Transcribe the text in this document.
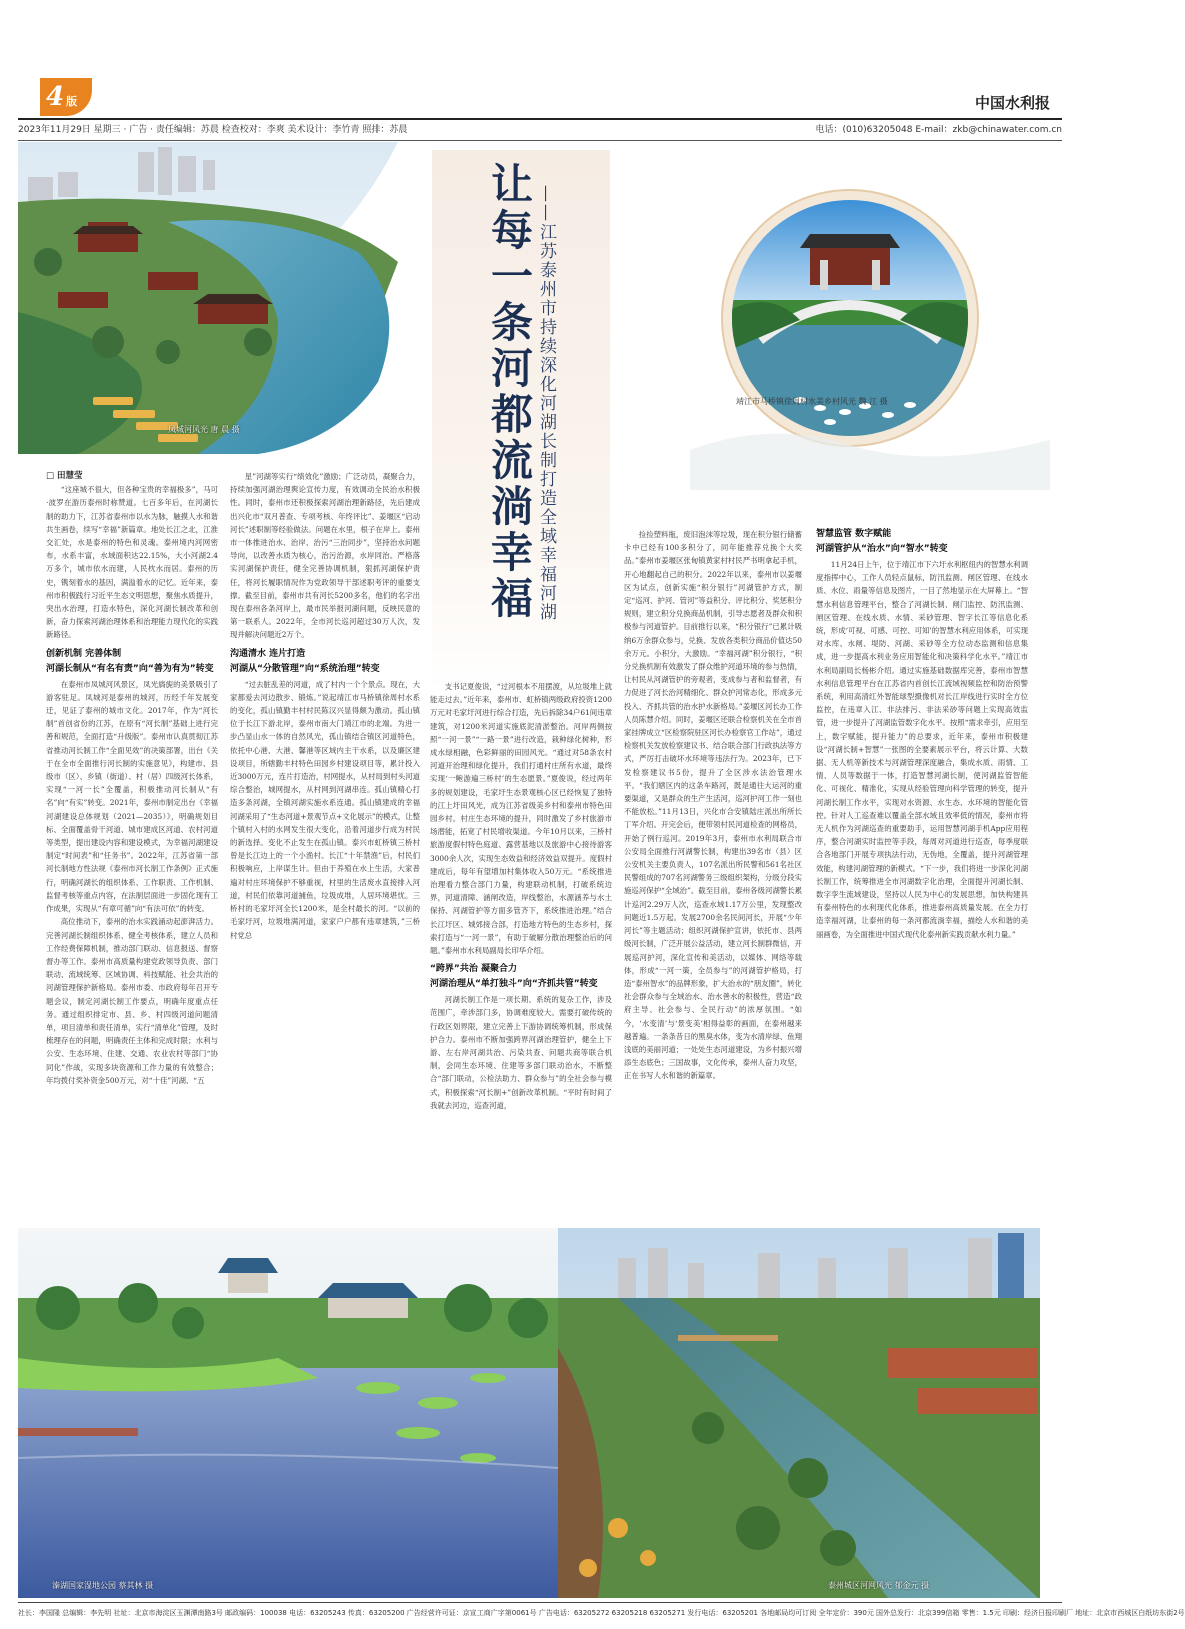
4 版	中国水利报
2023年11月29日 星期三 · 广告 · 责任编辑：苏晨 检查校对：李爽 美术设计：李竹青 照排：苏晨	电话：(010)63205048 E-mail：zkb@chinawater.com.cn
凤城河风光 唐 晨 摄	——江苏泰州市持续深化河湖长制打造全域幸福河湖
让每一条河都流淌幸福	靖江市马桥镇徐周村水美乡村风光 魏 江 摄
□ 田慧莹

“这座城不很大，但各种宝贵的幸福极多”，马可·波罗在游历泰州时称赞道。七百多年后，在河湖长制的助力下，江苏省泰州市以水为脉，触摸人水和谐共生画卷，续写“幸福”新篇章。地处长江之北，江淮交汇处，水是泰州的特色和灵魂。泰州境内河网密布，水系丰富，水域面积达22.15%，大小河湖2.4万多个，城市依水而建，人民枕水而居。泰州的历史，镌刻着水的基因，满溢着水的记忆。近年来，泰州市积极践行习近平生态文明思想，聚焦水质提升，突出水治理，打造水特色，深化河湖长制改革和创新，奋力探索河湖治理体系和治理能力现代化的实践新路径。

创新机制 完善体制
河湖长制从“有名有责”向“善为有为”转变

在泰州市凤城河风景区，凤光旖旎的美景吸引了游客驻足。凤城河是泰州的城河，历经千年发展变迁，见证了泰州的城市文化。2017年，作为“河长制”首创省份的江苏，在原有“河长制”基础上进行完善和规范，全面打造“升级版”。泰州市认真贯彻江苏省推动河长制工作“全面见效”的决策部署，出台《关于在全市全面推行河长制的实施意见》，构建市、县级市（区）、乡镇（街道）、村（居）四级河长体系，实现“一河一长”全覆盖，积极推动河长制从“有名”向“有实”转变。2021年，泰州市制定出台《幸福河湖建设总体规划（2021—2035）》，明确规划目标、全面覆盖骨干河道、城市建成区河道、农村河道等类型，提出建设内容和建设模式，为幸福河湖建设制定“时间表”和“任务书”。2022年，江苏省第一部河长制地方性法规《泰州市河长制工作条例》正式施行，明确河湖长的组织体系、工作职责、工作机制、监督考核等重点内容，在法制层面进一步固化现有工作成果，实现从“有章可循”向“有法可依”的转变。

高位推动下，泰州的治水实践涌动起澎湃活力。完善河湖长制组织体系、健全考核体系，建立人员和工作经费保障机制，推动部门联动、信息报送、督察督办等工作。泰州市高质量构建党政领导负责、部门联动、流域统筹、区域协调、科技赋能、社会共治的河湖管理保护新格局。泰州市委、市政府每年召开专题会议，制定河湖长制工作要点，明确年度重点任务。通过组织排定市、县、乡、村四级河道问题清单，项目清单和责任清单，实行“清单化”管理，及时梳理存在的问题，明确责任主体和完成时限；水利与公安、生态环境、住建、交通、农业农村等部门“协同化”作战，实现多块资源和工作力量的有效整合；年均拨付奖补资金500万元，对“十佳”河湖、“五

星”河湖等实行“绩效化”激励；广泛动员，凝聚合力，持续加强河湖治理舆论宣传力度，有效调动全民治水积极性。同时，泰州市还积极探索河湖治理新路径，先后建成出兴化市“双月普查、专项考核、年终评比”、姜堰区“启动河长”述职制等经验做法。问题在水里，根子在岸上。泰州市一体推进治水、治岸、治污“三治同步”，坚持治水问题导向，以改善水质为核心，治污治源，水岸同治。严格落实河湖保护责任，健全完善协调机制，狠抓河湖保护责任，将河长履职情况作为党政领导干部述职考评的重要支撑。截至目前，泰州市共有河长5200多名，他们的名字出现在泰州各条河岸上，最市民举报河湖问题，反映民意的第一联系人。2022年，全市河长巡河超过30万人次，发现并解决问题近2万个。

沟通清水 连片打造
河湖从“分散管理”向“系统治理”转变

“过去脏乱差的河道，成了村内一个个景点。现在，大家都爱去河边散步、锻炼。”说起靖江市马桥镇徐周村水系的变化，孤山镇勤丰村村民陈汉兴显得颇为激动。孤山镇位于长江下游北岸，泰州市南大门靖江市的北端。为进一步凸显山水一体的自然风光，孤山镇结合镇区河道特色，依托中心港、大港、馨港等区域内主干水系，以及廉区建设项目，所辖勤丰村特色田园乡村建设项目等，累计投入近3000万元，连片打造治，村网提水，从村局到村头河道综合整治，城网提水，从村网到河湖串连。孤山镇精心打造多条河湖，全镇河湖实施水系连通。孤山镇建成的幸福河湖采用了“生态河道+景观节点+文化展示”的模式，让整个镇村入村的水网发生很大变化，沿着河道步行成为村民的新选择。变化不止发生在孤山镇。泰兴市虹桥镇三桥村曾是长江边上的一个小渔村。长江“十年禁渔”后，村民们积极响应，上岸谋生计。但由于养殖在水上生活，大家普遍对村庄环境保护不够重视，村里的生活废水直接排入河道，村民们依靠河道捕鱼，垃圾成堆，人居环境堪忧。三桥村的毛家圩河全长1200米，是全村最长的河。“以前的毛家圩河，垃圾堆满河道，家家户户都有违章建筑，”三桥村党总

支书记夏俊说，“过河根本不用摆渡，从垃圾堆上就能走过去。”近年来，泰州市、虹桥镇两级政府投资1200万元对毛家圩河进行综合打造，先后拆除34户61间违章建筑，对1200米河道实施底泥清淤整治。河岸两侧按照“一河一景”“一路一景”进行改造，栽种绿化树种，形成水绿相融，色彩鲜丽的田园风光。“通过对58条农村河道开治理和绿化提升，我们打通村庄所有水道，最终实现‘一鲍游遍三桥村’的生态愿景。”夏俊说，经过两年多的规划建设，毛家圩生态景观核心区已经恢复了独特的江上圩田风光，成为江苏省级美乡村和泰州市特色田园乡村。村庄生态环境的提升，同时激发了乡村旅游市场潜能，拓宽了村民增收渠道。今年10月以来，三桥村旅游度假村特色庭道、露营基地以及旅游中心接待游客3000余人次，实现生态效益和经济效益双提升。度假村建成后，每年有望增加村集体收入50万元。“系统推进治理看力整合部门力量，构建联动机制，打破系统边界，河道清障、涵闸改造，岸线整治，水源涵养与水土保持、河湖管护等方面多管齐下，系统推进治理。”结合长江圩区、城郊接合部，打造地方特色的生态乡村，探索打造与“一河一景”，有助于破解分散治理整治后的问题。”泰州市水利局副局长印华介绍。

“跨界”共治 凝聚合力
河湖治理从“单打独斗”向“齐抓共管”转变

河湖长制工作是一项长期、系统的复杂工作，涉及范围广，牵涉部门多，协调难度较大。需要打破传统的行政区划界限，建立完善上下游协调统筹机制，形成保护合力。泰州市不断加强跨界河湖治理管护，健全上下游、左右岸河湖共治、污染共查、问题共商等联合机制，会同生态环境、住建等多部门联动治水，不断整合“部门联动，公检法助力、群众参与”的全社会参与模式，积极探索“河长制+”创新改革机制。“平时有时间了我就去河边，巡查河道，

捡捡塑料瓶，废旧泡沫等垃圾，现在积分银行储蓄卡中已经有100多积分了，同年能推荐兑换个大奖品。”泰州市姜堰区张甸镇黄家村村民严书明拿起手机，开心地翻起自己的积分。2022年以来，泰州市以姜堰区为试点，创新实施“积分银行”河湖管护方式，制定“巡河、护河、管河”等益积分、评比积分、奖惩积分规则，建立积分兑换商品机制，引导志愿者及群众和积极参与河道管护。目前推行以来，“积分银行”已累计吸纳6万余群众参与，兑换、发放各类积分商品价值达50余万元。小积分，大激励。“幸福河湖”积分银行，“积分兑换机制有效激发了群众维护河道环境的参与热情，让村民从河湖管护的旁观者，变成参与者和监督者，有力促进了河长治河精细化、群众护河常态化，形成多元投入、齐抓共管的治水护水新格局。”姜堰区河长办工作人员陈慧介绍。同时，姜堰区还联合检察机关在全市首家挂牌成立“区检察院驻区河长办检察官工作站”，通过检察机关发放检察建议书、结合联合部门行政执法等方式，严厉打击破坏水环境等违法行为。2023年，已下发检察建议书5份，提升了全区涉水法治管理水平。“我们辖区内的这条车路河，既是通往大运河的重要渠道，又是群众的生产生活河，巡河护河工作一刻也不能放松。”11月13日，兴化市合安镇陆庄派出所所长丁军介绍。开完会后，便带领村民河道检查的网格员，开始了例行巡河。2019年3月，泰州市水利局联合市公安局全面推行河湖警长制，构建出39名市（县）区公安机关主要负责人，107名派出所民警和561名社区民警组成的707名河湖警务三级组织架构，分级分段实施巡河保护“全域治”。截至目前，泰州各级河湖警长累计巡河2.29万人次，巡查水域1.17万公里，发现整改问题近1.5万起。发展2700余名民间河长，开展“少年河长”等主题活动；组织河湖保护宣讲，依托市、县两级河长制，广泛开展公益活动，建立河长制群微信，开展巡河护河，深化宣传和美活动，以媒体、网络等载体，形成“一河一策，全员参与”的河湖管护格局，打造“泰州智水”的品牌形象，扩大治水的“朋友圈”，转化社会群众参与全域治水、治水善水的积极性，营造“政府主导、社会参与、全民行动”的浓厚氛围。“如今，‘水变清’与‘景变美’相得益彰的画面，在泰州越来越普遍。一条条昔日的黑臭水体，变为水清岸绿、鱼翔浅底的美丽河道；一处处生态河道建设，为乡村振兴增添生态底色；三国故事，文化传承，泰州人奋力攻坚，正在书写人水和谐的新篇章。

智慧监管 数字赋能
河湖管护从“治水”向“智水”转变

11月24日上午，位于靖江市下六圩水利枢纽内的智慧水利调度指挥中心，工作人员轻点鼠标，防汛监测、闸区管理、在线水质、水位、雨量等信息及图片，一目了然地显示在大屏幕上。“智慧水利信息管理平台，整合了河湖长制、闸门监控、防汛监测、闸区管理、在线水质、水情、采砂管理、智字长江等信息化系统，形成‘可视、可感、可控、可知’的智慧水利应用体系，可实现对水库、水闸、堤防、河湖、采砂等全方位动态监测和信息集成，进一步提高水利业务应用智能化和决策科学化水平。”靖江市水利局副局长杨彬介绍。通过实施基础数据库完善，泰州市智慧水利信息管理平台在江苏省内首创长江流域视频监控和防治预警系统，利用高清红外智能球型摄像机对长江岸线进行实时全方位监控，在违章入江、非法排污、非法采砂等问题上实现高效监管，进一步提升了河湖监管数字化水平。按照“需求牵引，应用至上，数字赋能，提升能力”的总要求，近年来，泰州市积极建设“河湖长制+智慧”一张图的全要素展示平台，将云计算、大数据、无人机等新技术与河湖管理深度融合，集成水质、雨情、工情、人员等数据于一体，打造智慧河湖长制，使河湖监管智能化、可视化、精准化，实现从经验管理向科学管理的转变，提升河湖长制工作水平，实现对水资源、水生态、水环境的智能化管控。针对人工巡查难以覆盖全部水域且效率低的情况，泰州市将无人机作为河湖巡查的重要助手，运用智慧河湖手机App应用程序，整合河湖实时监控等手段，每周对河道进行巡查，每季度联合各地部门开展专项执法行动，无伪地，全覆盖，提升河湖管理效能，构建河湖管理的新模式。“下一步，我们将进一步深化河湖长制工作，统筹推进全市河湖数字化治理，全面提升河湖长制、数字孪生流域建设，坚持以人民为中心的发展思想，加快构建具有泰州特色的水利现代化体系，推进泰州高质量发展。在全力打造幸福河湖，让泰州的每一条河都流淌幸福，描绘人水和谐的美丽画卷，为全面推进中国式现代化泰州新实践贡献水利力量。”

溱湖国家湿地公园 蔡其林 摄	泰州城区河网风光 郁金元 摄
社长：李国隆 总编辑：李先明 社址：北京市海淀区玉渊潭南路3号 邮政编码：100038 电话：63205243 传真：63205200 广告经营许可证：京宣工商广字第0061号 广告电话：63205272 63205218 63205271 发行电话：63205201 各地邮局均可订阅 全年定价：390元 国外总发行：北京399信箱 零售：1.5元 印刷：经济日报印刷厂 地址：北京市西城区白纸坊东街2号
